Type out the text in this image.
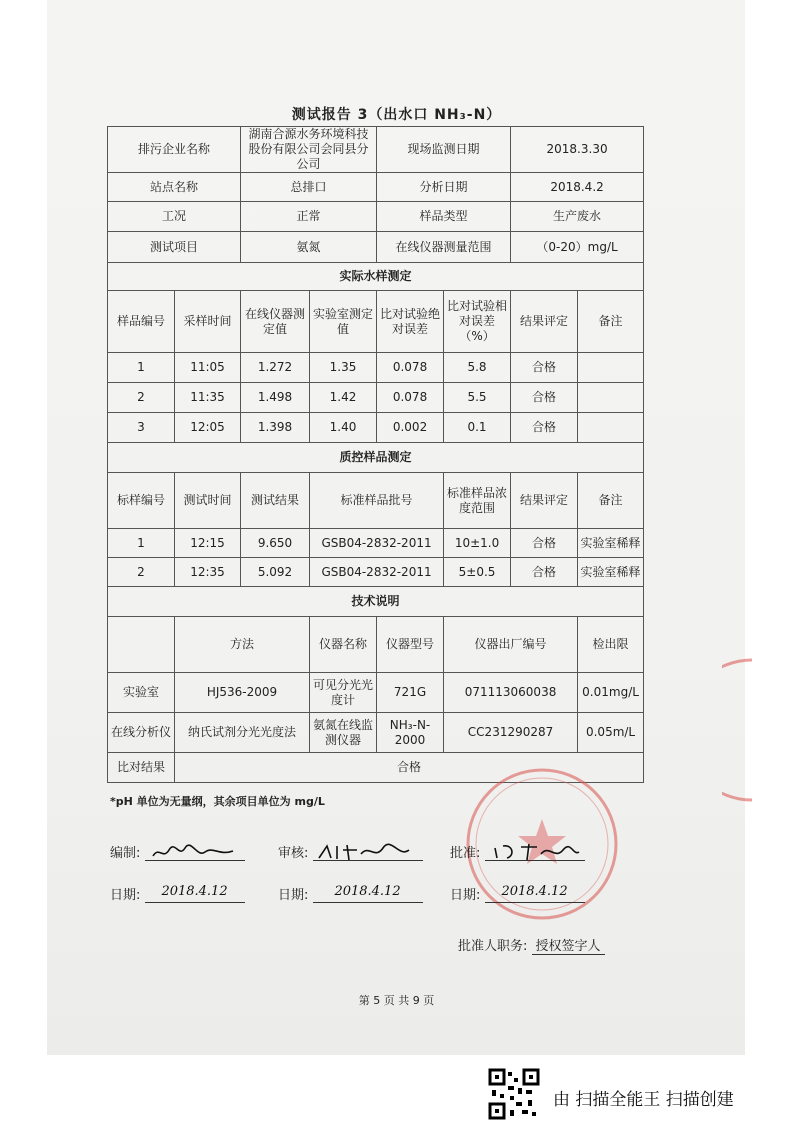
测试报告 3（出水口 NH₃-N）
排污企业名称		湖南合源水务环境科技股份有限公司会同县分公司		现场监测日期		2018.3.30	
站点名称		总排口		分析日期		2018.4.2	
工况		正常		样品类型		生产废水	
测试项目		氨氮		在线仪器测量范围		（0-20）mg/L	
实际水样测定							
样品编号	采样时间	在线仪器测定值	实验室测定值	比对试验绝对误差	比对试验相对误差（%）	结果评定	备注
1	11:05	1.272	1.35	0.078	5.8	合格	
2	11:35	1.498	1.42	0.078	5.5	合格	
3	12:05	1.398	1.40	0.002	0.1	合格	
质控样品测定							
标样编号	测试时间	测试结果	标准样品批号		标准样品浓度范围	结果评定	备注
1	12:15	9.650	GSB04-2832-2011		10±1.0	合格	实验室稀释
2	12:35	5.092	GSB04-2832-2011		5±0.5	合格	实验室稀释
技术说明							
	方法		仪器名称	仪器型号	仪器出厂编号		检出限
实验室	HJ536-2009		可见分光光度计	721G	071113060038		0.01mg/L
在线分析仪	纳氏试剂分光光度法		氨氮在线监测仪器	NH₃-N-2000	CC231290287		0.05m/L
比对结果	合格						
*pH 单位为无量纲，其余项目单位为 mg/L
编制:	审核:	批准:
日期: 2018.4.12	日期: 2018.4.12	日期: 2018.4.12
批准人职务: 授权签字人
第 5 页 共 9 页
由 扫描全能王 扫描创建
